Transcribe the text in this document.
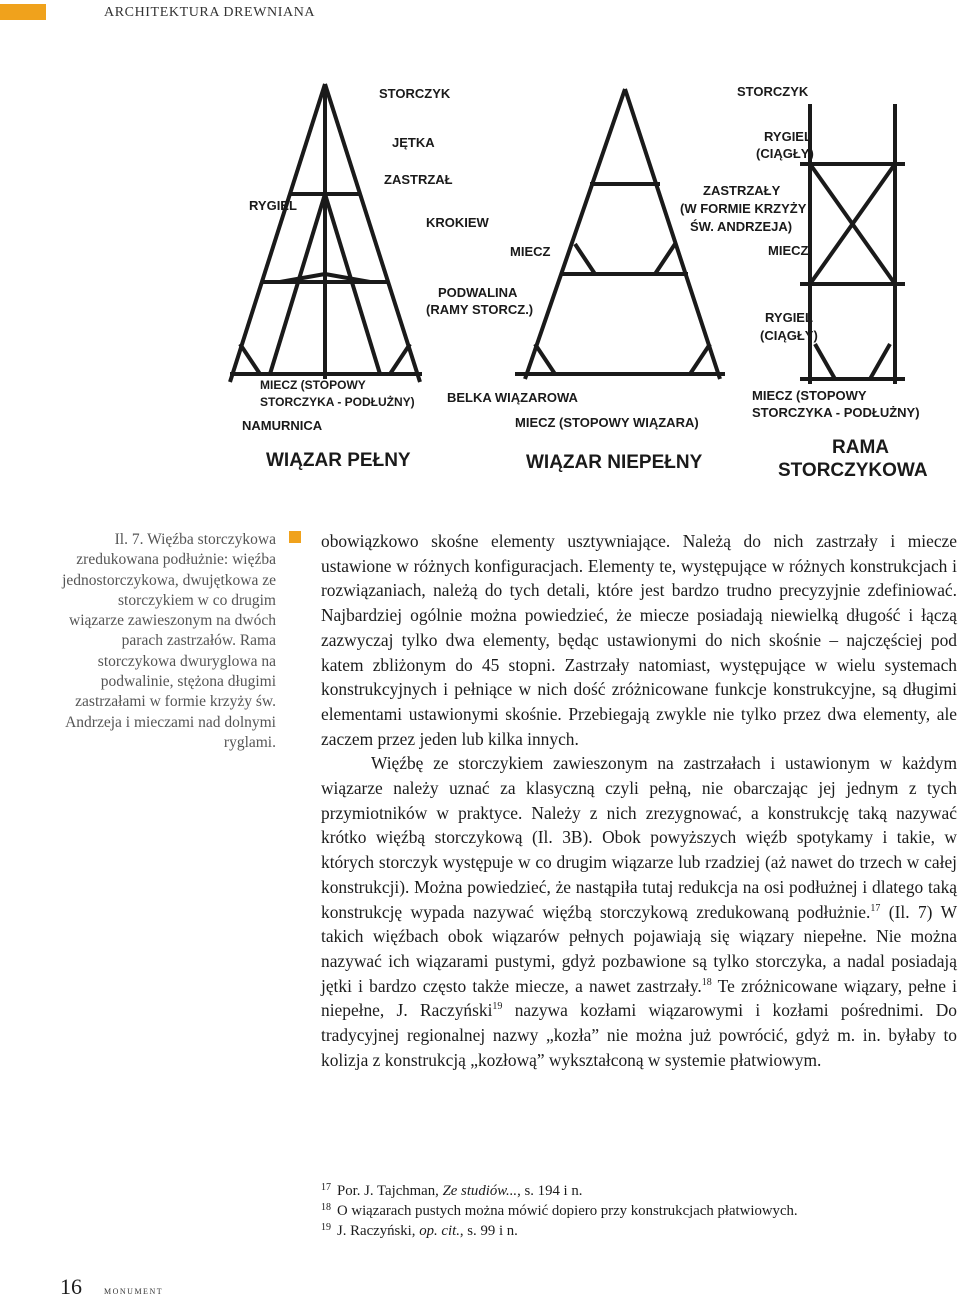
ARCHITEKTURA DREWNIANA
STORCZYK
JĘTKA
ZASTRZAŁ
RYGIEL
KROKIEW
MIECZ
PODWALINA
(RAMY STORCZ.)
BELKA WIĄZAROWA
MIECZ (STOPOWY
STORCZYKA - PODŁUŻNY)
NAMURNICA	MIECZ (STOPOWY WIĄZARA)
STORCZYK
RYGIEL
(CIĄGŁY)
ZASTRZAŁY
(W FORMIE KRZYŻY
ŚW. ANDRZEJA)
MIECZ
RYGIEL
(CIĄGŁY)
MIECZ (STOPOWY
STORCZYKA - PODŁUŻNY)
WIĄZAR PEŁNY	WIĄZAR NIEPEŁNY
RAMA
STORCZYKOWA
Il. 7. Więźba storczykowa zredukowana podłużnie: więźba jednostorczykowa, dwujętkowa ze storczykiem w co drugim wiązarze zawieszonym na dwóch parach zastrzałów. Rama storczykowa dwuryglowa na podwalinie, stężona długimi zastrzałami w formie krzyży św. Andrzeja i mieczami nad dolnymi ryglami.

obowiązkowo skośne elementy usztywniające. Należą do nich zastrzały i miecze ustawione w różnych konfiguracjach. Elementy te, występujące w różnych konstrukcjach i rozwiązaniach, należą do tych detali, które jest bardzo trudno precyzyjnie zdefiniować. Najbardziej ogólnie można powiedzieć, że miecze posiadają niewielką długość i łączą zazwyczaj tylko dwa elementy, będąc ustawionymi do nich skośnie – najczęściej pod katem zbliżonym do 45 stopni. Zastrzały natomiast, występujące w wielu systemach konstrukcyjnych i pełniące w nich dość zróżnicowane funkcje konstrukcyjne, są długimi elementami ustawionymi skośnie. Przebiegają zwykle nie tylko przez dwa elementy, ale zaczem przez jeden lub kilka innych.

Więźbę ze storczykiem zawieszonym na zastrzałach i ustawionym w każdym wiązarze należy uznać za klasyczną czyli pełną, nie obarczając jej jednym z tych przymiotników w praktyce. Należy z nich zrezygnować, a konstrukcję taką nazywać krótko więźbą storczykową (Il. 3B). Obok powyższych więźb spotykamy i takie, w których storczyk występuje w co drugim wiązarze lub rzadziej (aż nawet do trzech w całej konstrukcji). Można powiedzieć, że nastąpiła tutaj redukcja na osi podłużnej i dlatego taką konstrukcję wypada nazywać więźbą storczykową zredukowaną podłużnie.$^{17}$ (Il. 7) W takich więźbach obok wiązarów pełnych pojawiają się wiązary niepełne. Nie można nazywać ich wiązarami pustymi, gdyż pozbawione są tylko storczyka, a nadal posiadają jętki i bardzo często także miecze, a nawet zastrzały.$^{18}$ Te zróżnicowane wiązary, pełne i niepełne, J. Raczyński$^{19}$ nazywa kozłami wiązarowymi i kozłami pośrednimi. Do tradycyjnej regionalnej nazwy „kozła” nie można już powrócić, gdyż m. in. byłaby to kolizja z konstrukcją „kozłową” wykształconą w systemie płatwiowym.

17 Por. J. Tajchman, Ze studiów..., s. 194 i n.
18 O wiązarach pustych można mówić dopiero przy konstrukcjach płatwiowych.
19 J. Raczyński, op. cit., s. 99 i n.
16 monument
